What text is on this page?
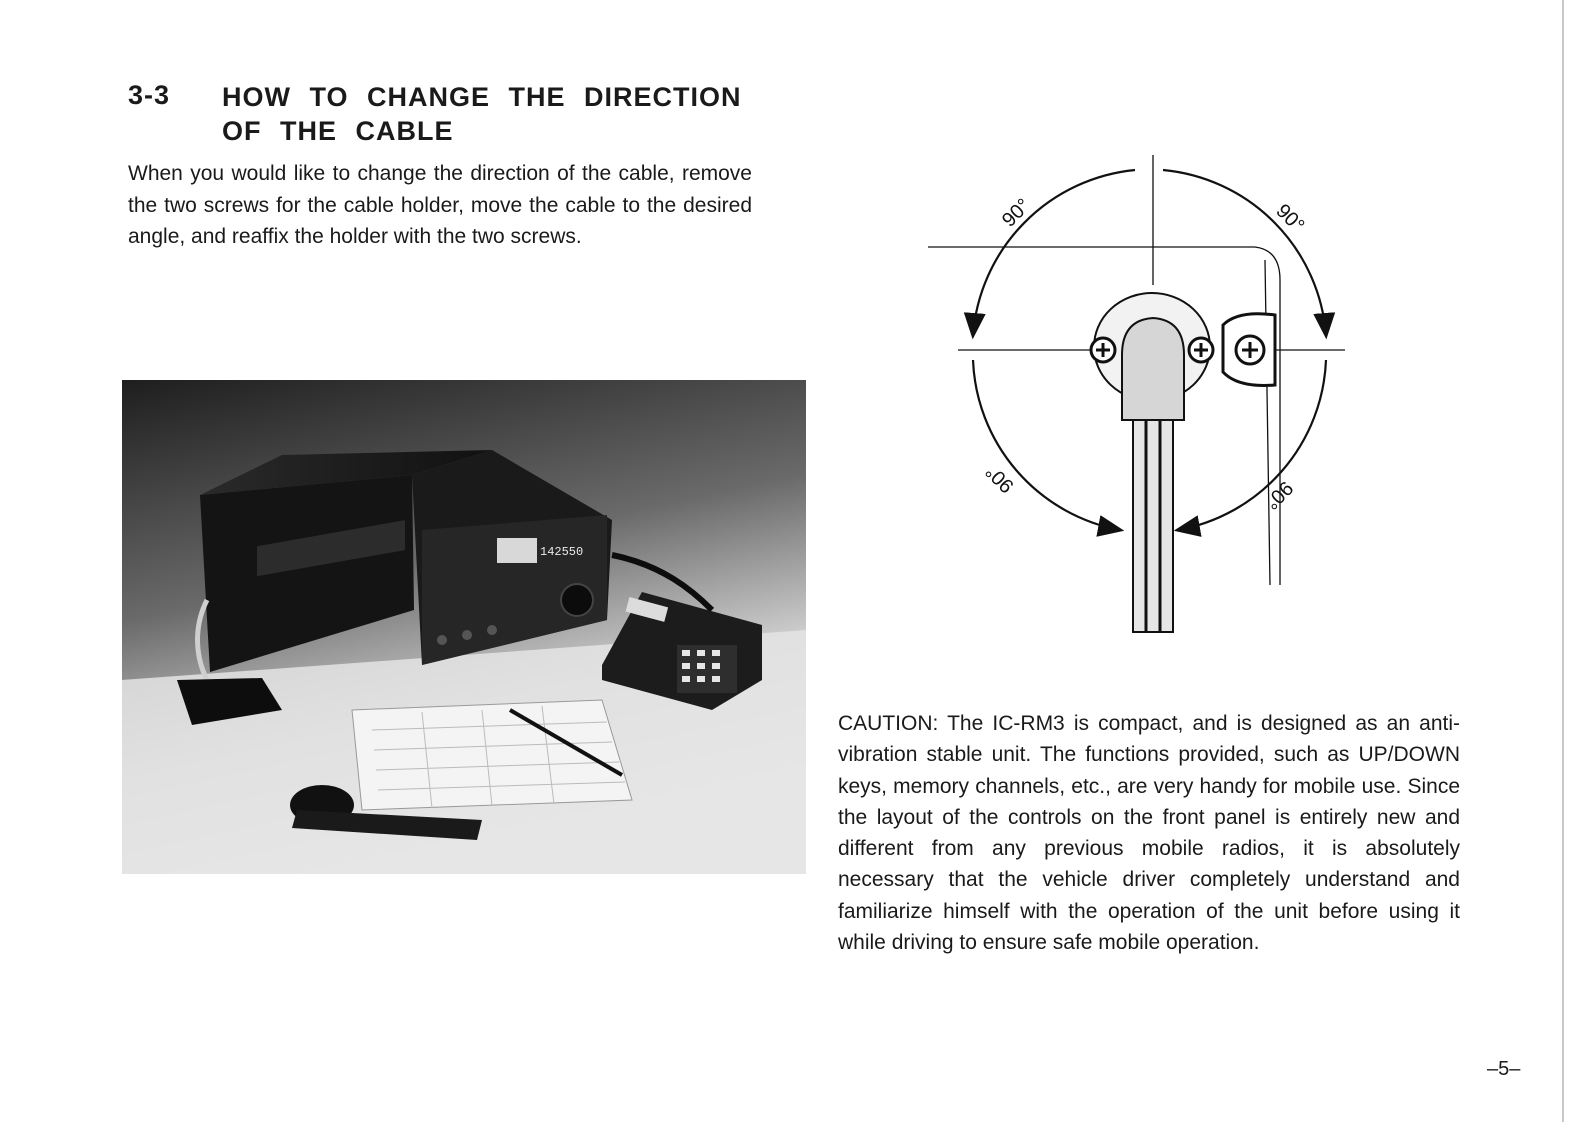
3-3 HOW TO CHANGE THE DIRECTION OF THE CABLE
When you would like to change the direction of the cable, remove the two screws for the cable holder, move the cable to the desired angle, and reaffix the holder with the two screws.
142550
90°	90°
90°	90°
CAUTION: The IC-RM3 is compact, and is designed as an anti-vibration stable unit. The functions provided, such as UP/DOWN keys, memory channels, etc., are very handy for mobile use. Since the layout of the controls on the front panel is entirely new and different from any previous mobile radios, it is absolutely necessary that the vehicle driver completely understand and familiarize himself with the operation of the unit before using it while driving to ensure safe mobile operation.
–5–
